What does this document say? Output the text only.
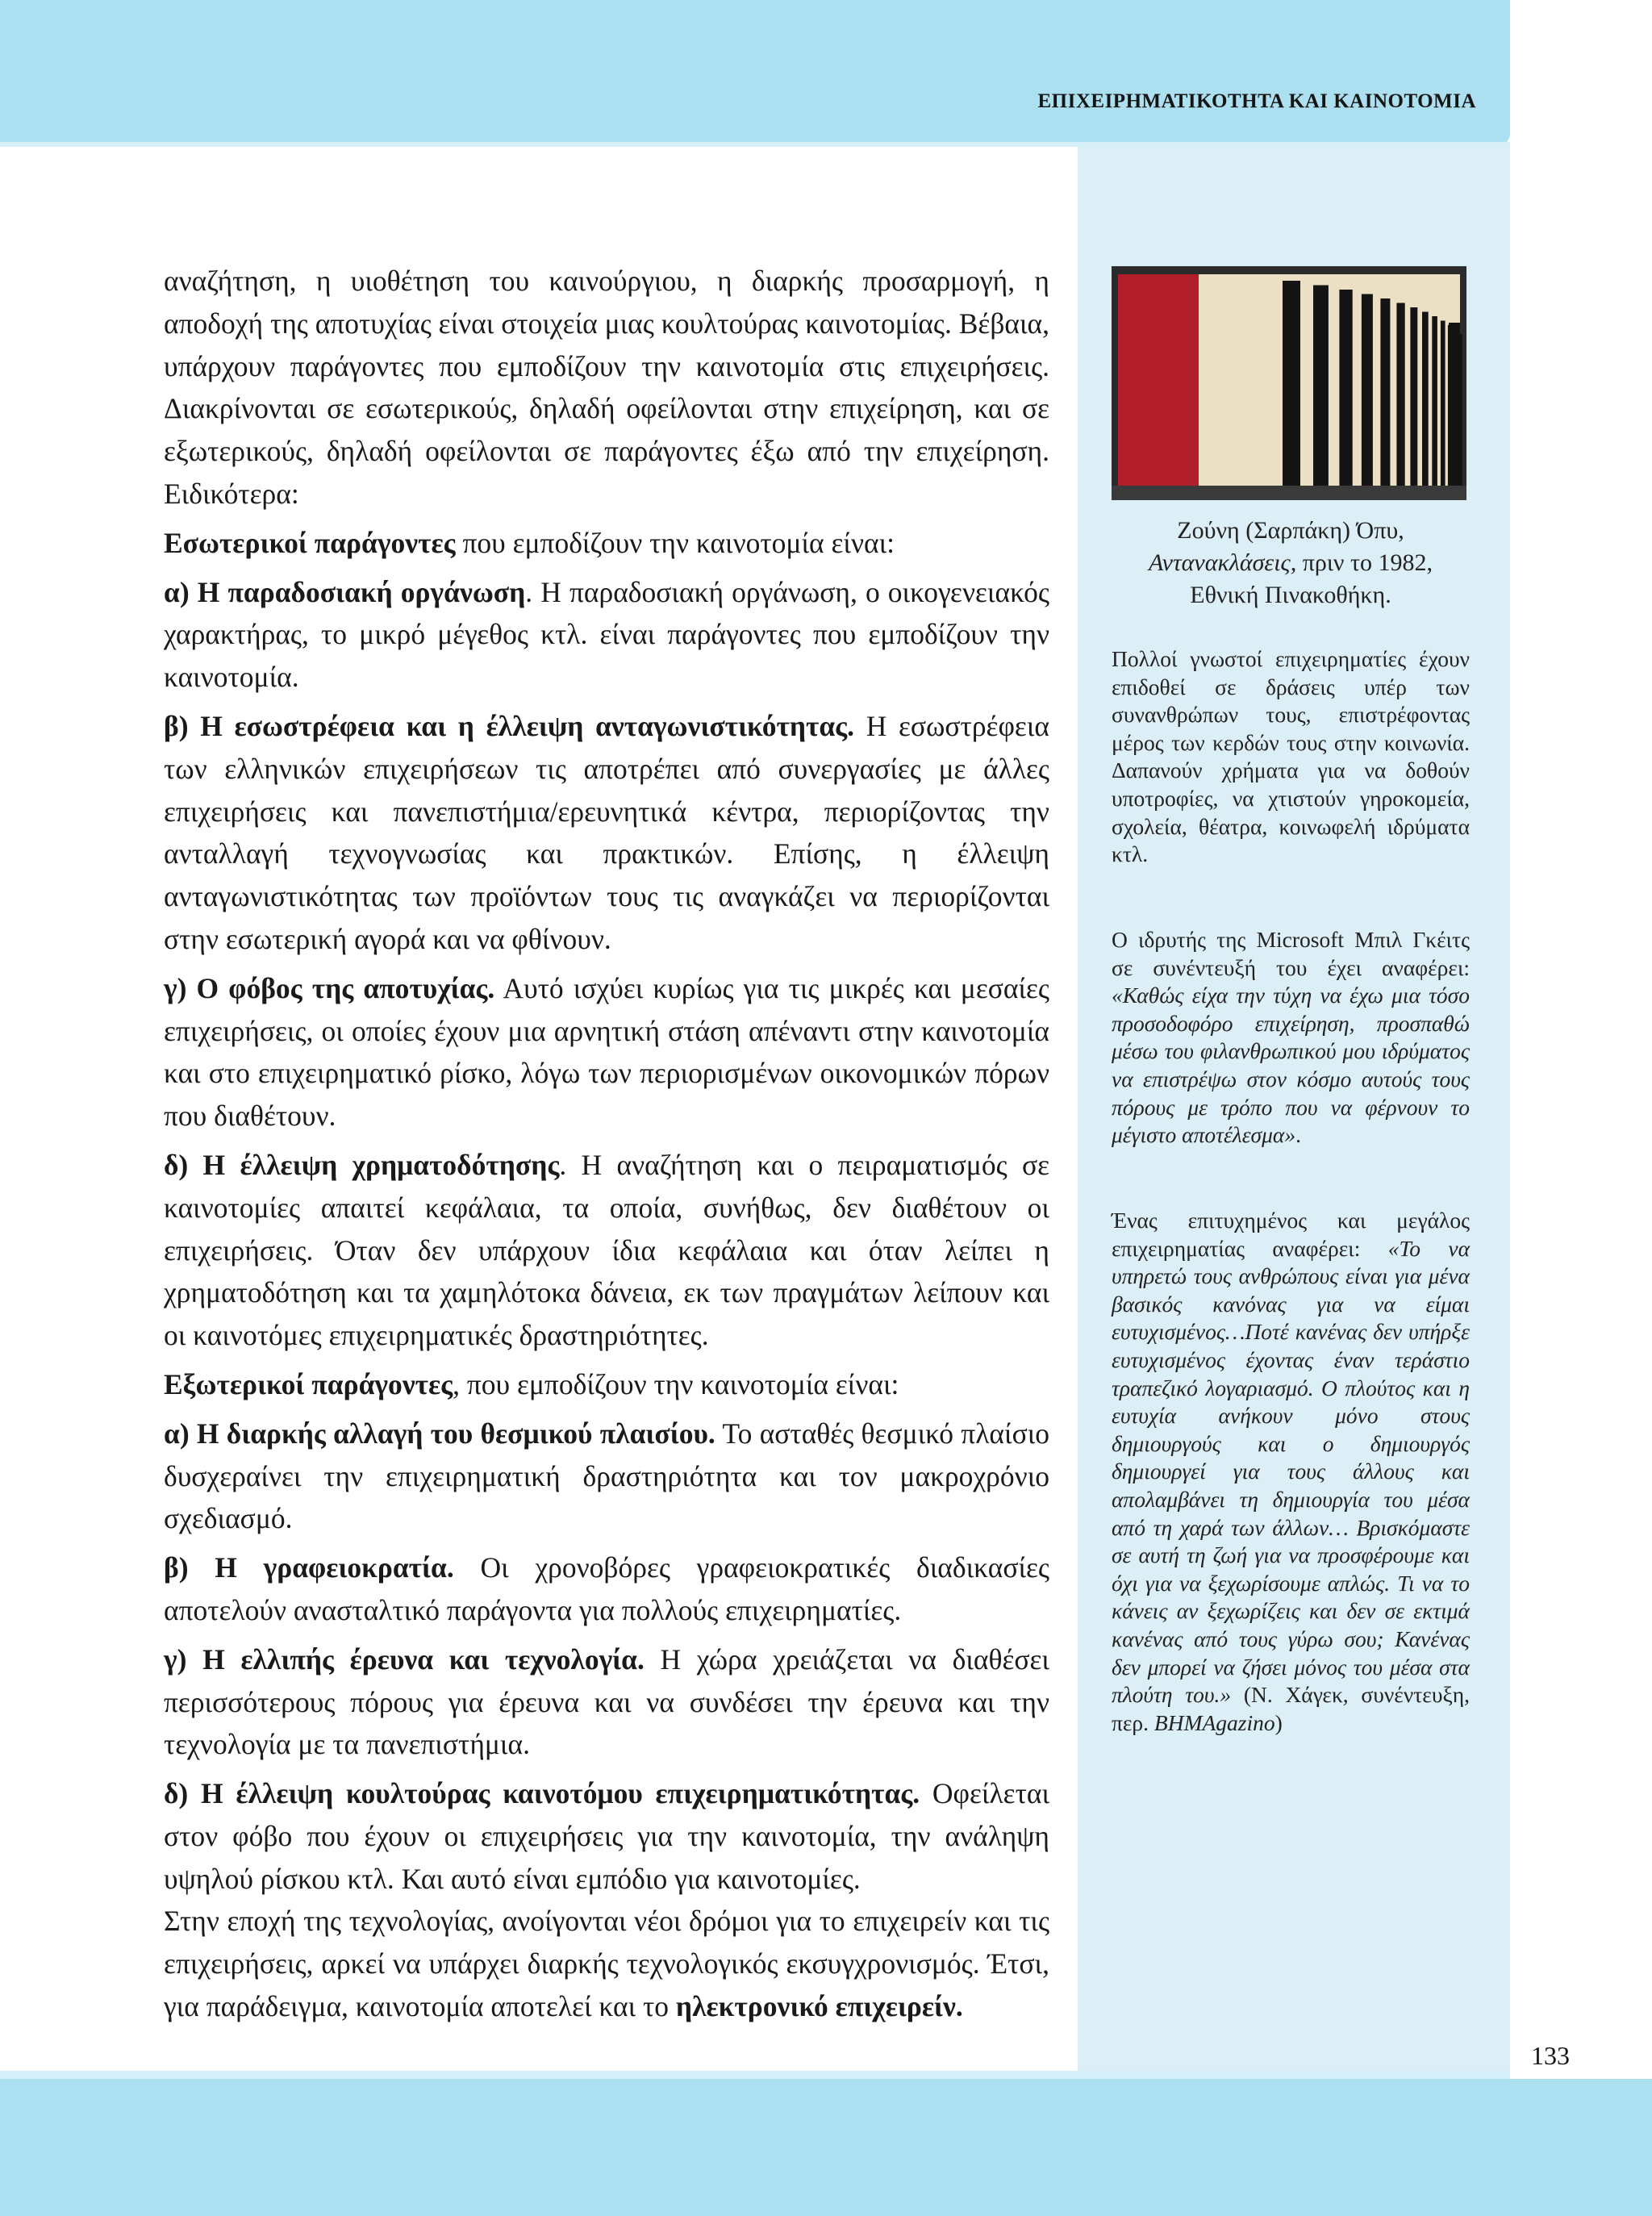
ΕΠΙΧΕΙΡΗΜΑΤΙΚΟΤΗΤΑ ΚΑΙ ΚΑΙΝΟΤΟΜΙΑ

αναζήτηση, η υιοθέτηση του καινούργιου, η διαρκής προσαρμογή, η αποδοχή της αποτυχίας είναι στοιχεία μιας κουλτούρας καινοτομίας. Βέβαια, υπάρχουν παράγοντες που εμποδίζουν την καινοτομία στις επιχειρήσεις. Διακρίνονται σε εσωτερικούς, δηλαδή οφείλονται στην επιχείρηση, και σε εξωτερικούς, δηλαδή οφείλονται σε παράγοντες έξω από την επιχείρηση. Ειδικότερα:

Εσωτερικοί παράγοντες που εμποδίζουν την καινοτομία είναι:

α) Η παραδοσιακή οργάνωση. Η παραδοσιακή οργάνωση, ο οικογενειακός χαρακτήρας, το μικρό μέγεθος κτλ. είναι παράγοντες που εμποδίζουν την καινοτομία.

β) Η εσωστρέφεια και η έλλειψη ανταγωνιστικότητας. Η εσωστρέφεια των ελληνικών επιχειρήσεων τις αποτρέπει από συνεργασίες με άλλες επιχειρήσεις και πανεπιστήμια/ερευνητικά κέντρα, περιορίζοντας την ανταλλαγή τεχνογνωσίας και πρακτικών. Επίσης, η έλλειψη ανταγωνιστικότητας των προϊόντων τους τις αναγκάζει να περιορίζονται στην εσωτερική αγορά και να φθίνουν.

γ) Ο φόβος της αποτυχίας. Αυτό ισχύει κυρίως για τις μικρές και μεσαίες επιχειρήσεις, οι οποίες έχουν μια αρνητική στάση απέναντι στην καινοτομία και στο επιχειρηματικό ρίσκο, λόγω των περιορισμένων οικονομικών πόρων που διαθέτουν.

δ) Η έλλειψη χρηματοδότησης. Η αναζήτηση και ο πειραματισμός σε καινοτομίες απαιτεί κεφάλαια, τα οποία, συνήθως, δεν διαθέτουν οι επιχειρήσεις. Όταν δεν υπάρχουν ίδια κεφάλαια και όταν λείπει η χρηματοδότηση και τα χαμηλότοκα δάνεια, εκ των πραγμάτων λείπουν και οι καινοτόμες επιχειρηματικές δραστηριότητες.

Εξωτερικοί παράγοντες, που εμποδίζουν την καινοτομία είναι:

α) Η διαρκής αλλαγή του θεσμικού πλαισίου. Το ασταθές θεσμικό πλαίσιο δυσχεραίνει την επιχειρηματική δραστηριότητα και τον μακροχρόνιο σχεδιασμό.

β) Η γραφειοκρατία. Οι χρονοβόρες γραφειοκρατικές διαδικασίες αποτελούν ανασταλτικό παράγοντα για πολλούς επιχειρηματίες.

γ) Η ελλιπής έρευνα και τεχνολογία. Η χώρα χρειάζεται να διαθέσει περισσότερους πόρους για έρευνα και να συνδέσει την έρευνα και την τεχνολογία με τα πανεπιστήμια.

δ) Η έλλειψη κουλτούρας καινοτόμου επιχειρηματικότητας. Οφείλεται στον φόβο που έχουν οι επιχειρήσεις για την καινοτομία, την ανάληψη υψηλού ρίσκου κτλ. Και αυτό είναι εμπόδιο για καινοτομίες.

Στην εποχή της τεχνολογίας, ανοίγονται νέοι δρόμοι για το επιχειρείν και τις επιχειρήσεις, αρκεί να υπάρχει διαρκής τεχνολογικός εκσυγχρονισμός. Έτσι, για παράδειγμα, καινοτομία αποτελεί και το ηλεκτρονικό επιχειρείν.

Ζούνη (Σαρπάκη) Όπυ,
Αντανακλάσεις, πριν το 1982,
Εθνική Πινακοθήκη.
Πολλοί γνωστοί επιχειρηματίες έχουν επιδοθεί σε δράσεις υπέρ των συνανθρώπων τους, επιστρέφοντας μέρος των κερδών τους στην κοινωνία. Δαπανούν χρήματα για να δοθούν υποτροφίες, να χτιστούν γηροκομεία, σχολεία, θέατρα, κοινωφελή ιδρύματα κτλ.
Ο ιδρυτής της Microsoft Μπιλ Γκέιτς σε συνέντευξή του έχει αναφέρει: «Καθώς είχα την τύχη να έχω μια τόσο προσοδοφόρο επιχείρηση, προσπαθώ μέσω του φιλανθρωπικού μου ιδρύματος να επιστρέψω στον κόσμο αυτούς τους πόρους με τρόπο που να φέρνουν το μέγιστο αποτέλεσμα».
Ένας επιτυχημένος και μεγάλος επιχειρηματίας αναφέρει: «Το να υπηρετώ τους ανθρώπους είναι για μένα βασικός κανόνας για να είμαι ευτυχισμένος…Ποτέ κανένας δεν υπήρξε ευτυχισμένος έχοντας έναν τεράστιο τραπεζικό λογαριασμό. Ο πλούτος και η ευτυχία ανήκουν μόνο στους δημιουργούς και ο δημιουργός δημιουργεί για τους άλλους και απολαμβάνει τη δημιουργία του μέσα από τη χαρά των άλλων… Βρισκόμαστε σε αυτή τη ζωή για να προσφέρουμε και όχι για να ξεχωρίσουμε απλώς. Τι να το κάνεις αν ξεχωρίζεις και δεν σε εκτιμά κανένας από τους γύρω σου; Κανένας δεν μπορεί να ζήσει μόνος του μέσα στα πλούτη του.» (Ν. Χάγεκ, συνέντευξη, περ. BHMAgazino)
133
